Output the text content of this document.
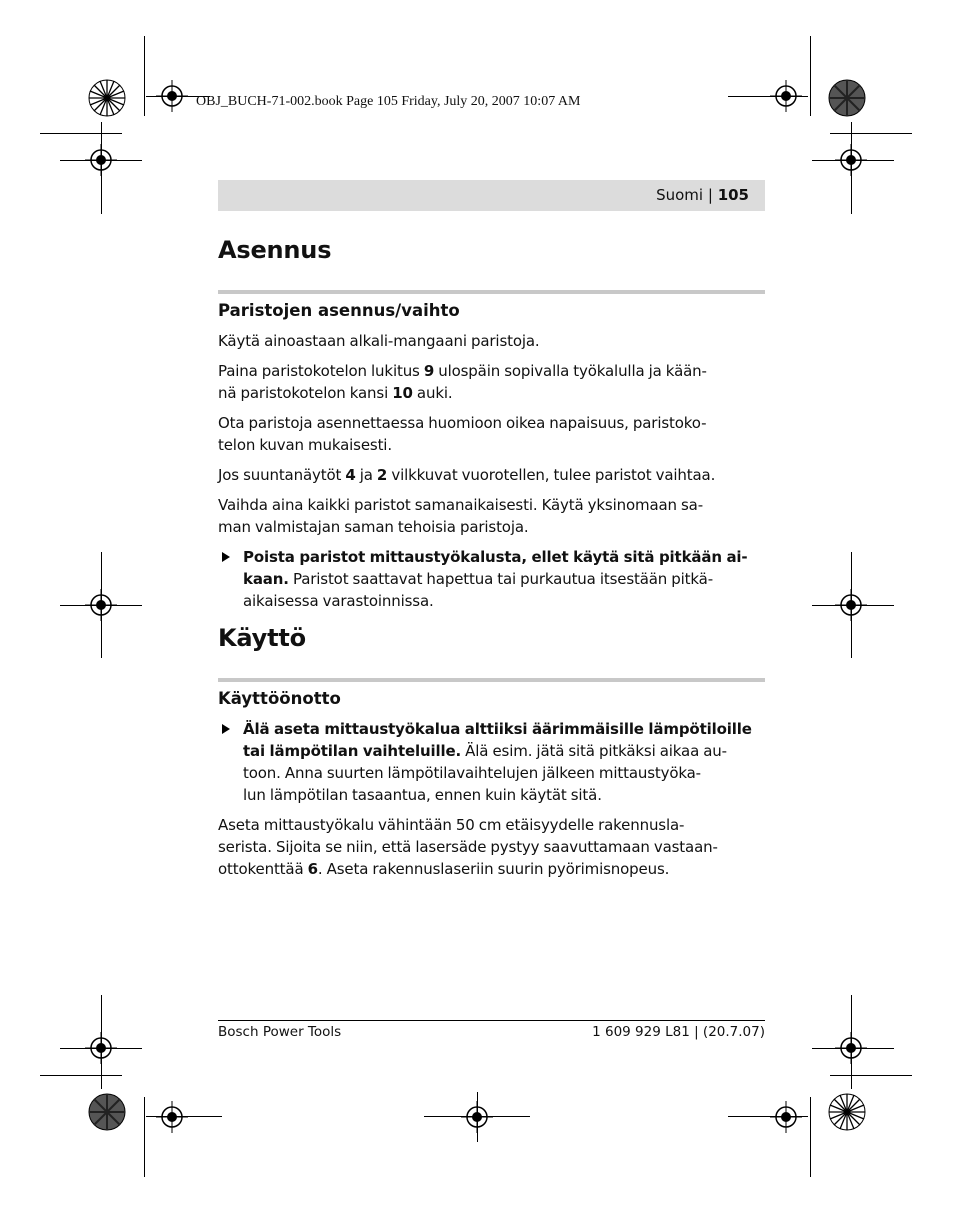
OBJ_BUCH-71-002.book Page 105 Friday, July 20, 2007 10:07 AM
Suomi | 105
Asennus
Paristojen asennus/vaihto

Käytä ainoastaan alkali-mangaani paristoja.

Paina paristokotelon lukitus 9 ulospäin sopivalla työkalulla ja kään-
nä paristokotelon kansi 10 auki.

Ota paristoja asennettaessa huomioon oikea napaisuus, paristoko-
telon kuvan mukaisesti.

Jos suuntanäytöt 4 ja 2 vilkkuvat vuorotellen, tulee paristot vaihtaa.

Vaihda aina kaikki paristot samanaikaisesti. Käytä yksinomaan sa-
man valmistajan saman tehoisia paristoja.

Poista paristot mittaustyökalusta, ellet käytä sitä pitkään ai-
kaan. Paristot saattavat hapettua tai purkautua itsestään pitkä-
aikaisessa varastoinnissa.

Käyttö
Käyttöönotto

Älä aseta mittaustyökalua alttiiksi äärimmäisille lämpötiloille
tai lämpötilan vaihteluille. Älä esim. jätä sitä pitkäksi aikaa au-
toon. Anna suurten lämpötilavaihtelujen jälkeen mittaustyöka-
lun lämpötilan tasaantua, ennen kuin käytät sitä.

Aseta mittaustyökalu vähintään 50 cm etäisyydelle rakennusla-
serista. Sijoita se niin, että lasersäde pystyy saavuttamaan vastaan-
ottokenttää 6. Aseta rakennuslaseriin suurin pyörimisnopeus.

Bosch Power Tools	1 609 929 L81 | (20.7.07)
